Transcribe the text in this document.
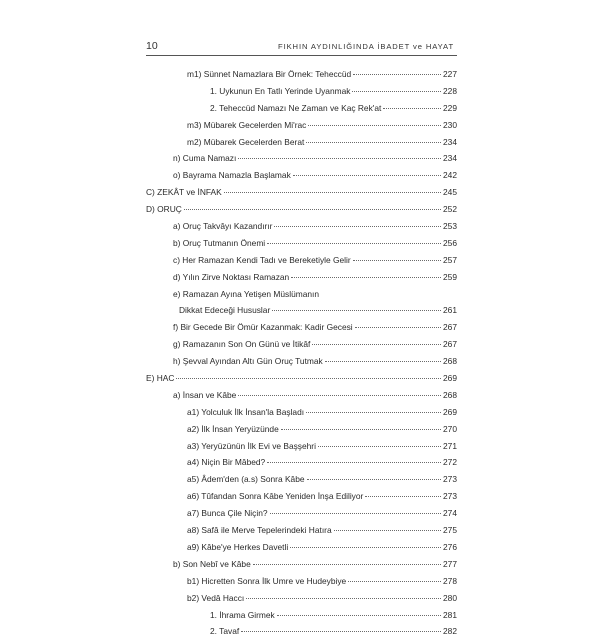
10	FIKHIN AYDINLIĞINDA İBADET ve HAYAT
m1) Sünnet Namazlara Bir Örnek: Teheccüd	227
1. Uykunun En Tatlı Yerinde Uyanmak	228
2. Teheccüd Namazı Ne Zaman ve Kaç Rek'at	229
m3) Mübarek Gecelerden Mi'rac	230
m2) Mübarek Gecelerden Berat	234
n) Cuma Namazı	234
o) Bayrama Namazla Başlamak	242
C) ZEKÂT ve İNFAK	245
D) ORUÇ	252
a) Oruç Takvâyı Kazandırır	253
b) Oruç Tutmanın Önemi	256
c) Her Ramazan Kendi Tadı ve Bereketiyle Gelir	257
d) Yılın Zirve Noktası Ramazan	259
e) Ramazan Ayına Yetişen Müslümanın
Dikkat Edeceği Hususlar	261
f) Bir Gecede Bir Ömür Kazanmak: Kadir Gecesi	267
g) Ramazanın Son On Günü ve İtikâf	267
h) Şevval Ayından Altı Gün Oruç Tutmak	268
E) HAC	269
a) İnsan ve Kâbe	268
a1) Yolculuk İlk İnsan'la Başladı	269
a2) İlk İnsan Yeryüzünde	270
a3) Yeryüzünün İlk Evi ve Başşehri	271
a4) Niçin Bir Mâbed?	272
a5) Âdem'den (a.s) Sonra Kâbe	273
a6) Tûfandan Sonra Kâbe Yeniden İnşa Ediliyor	273
a7) Bunca Çile Niçin?	274
a8) Safâ ile Merve Tepelerindeki Hatıra	275
a9) Kâbe'ye Herkes Davetli	276
b) Son Nebî ve Kâbe	277
b1) Hicretten Sonra İlk Umre ve Hudeybiye	278
b2) Vedâ Haccı	280
1. İhrama Girmek	281
2. Tavaf	282
